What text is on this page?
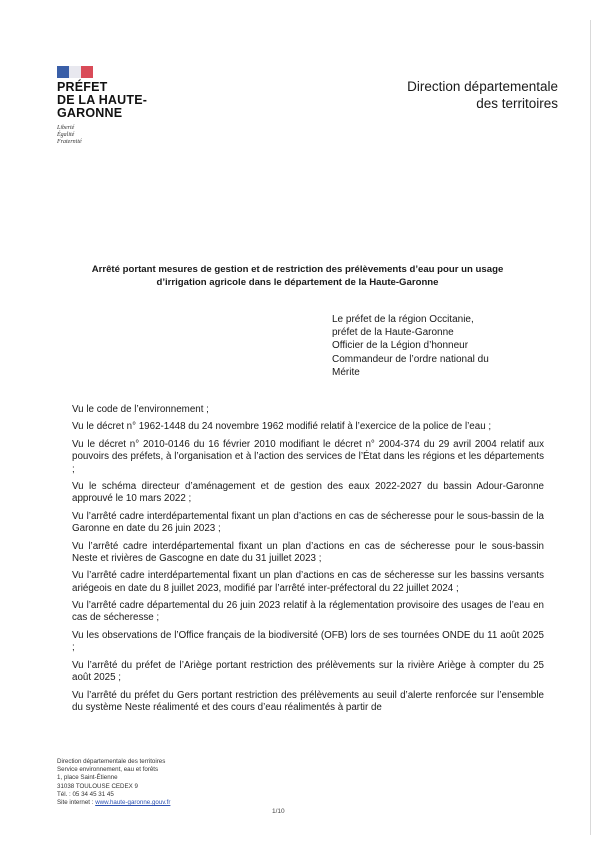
PRÉFET
DE LA HAUTE-
GARONNE
Liberté
Égalité
Fraternité
Direction départementale
des territoires
Arrêté portant mesures de gestion et de restriction des prélèvements d’eau pour un usage
d’irrigation agricole dans le département de la Haute-Garonne
Le préfet de la région Occitanie,
préfet de la Haute-Garonne
Officier de la Légion d’honneur
Commandeur de l’ordre national du
Mérite

Vu le code de l’environnement ;

Vu le décret n° 1962-1448 du 24 novembre 1962 modifié relatif à l’exercice de la police de l’eau ;

Vu le décret n° 2010-0146 du 16 février 2010 modifiant le décret n° 2004-374 du 29 avril 2004 relatif aux pouvoirs des préfets, à l’organisation et à l’action des services de l’État dans les régions et les départements ;

Vu le schéma directeur d’aménagement et de gestion des eaux 2022-2027 du bassin Adour-Garonne approuvé le 10 mars 2022 ;

Vu l’arrêté cadre interdépartemental fixant un plan d’actions en cas de sécheresse pour le sous-bassin de la Garonne en date du 26 juin 2023 ;

Vu l’arrêté cadre interdépartemental fixant un plan d’actions en cas de sécheresse pour le sous-bassin Neste et rivières de Gascogne en date du 31 juillet 2023 ;

Vu l’arrêté cadre interdépartemental fixant un plan d’actions en cas de sécheresse sur les bassins versants ariégeois en date du 8 juillet 2023, modifié par l’arrêté inter-préfectoral du 22 juillet 2024 ;

Vu l’arrêté cadre départemental du 26 juin 2023 relatif à la réglementation provisoire des usages de l’eau en cas de sécheresse ;

Vu les observations de l’Office français de la biodiversité (OFB) lors de ses tournées ONDE du 11 août 2025 ;

Vu l’arrêté du préfet de l’Ariège portant restriction des prélèvements sur la rivière Ariège à compter du 25 août 2025 ;

Vu l’arrêté du préfet du Gers portant restriction des prélèvements au seuil d’alerte renforcée sur l’ensemble du système Neste réalimenté et des cours d’eau réalimentés à partir de

Direction départementale des territoires
Service environnement, eau et forêts
1, place Saint-Étienne
31038 TOULOUSE CEDEX 9
Tél. : 05 34 45 31 45
Site internet : www.haute-garonne.gouv.fr
1/10
